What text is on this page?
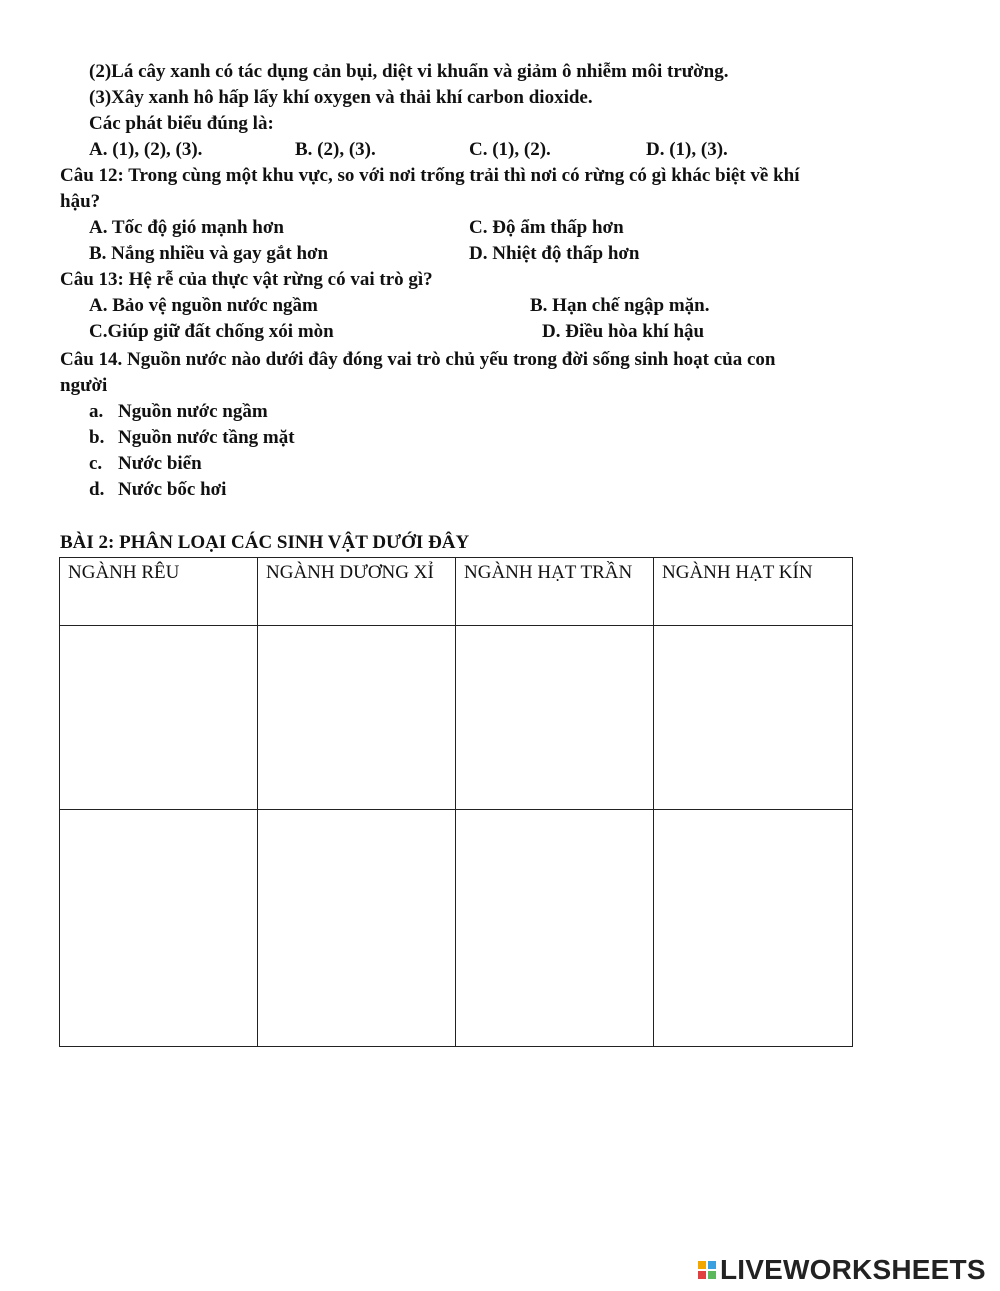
(2)Lá cây xanh có tác dụng cản bụi, diệt vi khuẩn và giảm ô nhiễm môi trường.
(3)Xây xanh hô hấp lấy khí oxygen và thải khí carbon dioxide.
Các phát biểu đúng là:
A. (1), (2), (3).	B. (2), (3).	C. (1), (2).	D. (1), (3).
Câu 12: Trong cùng một khu vực, so với nơi trống trải thì nơi có rừng có gì khác biệt về khí
hậu?
A. Tốc độ gió mạnh hơn	C. Độ ẩm thấp hơn
B. Nắng nhiều và gay gắt hơn	D. Nhiệt độ thấp hơn
Câu 13: Hệ rễ của thực vật rừng có vai trò gì?
A. Bảo vệ nguồn nước ngầm	B. Hạn chế ngập mặn.
C.Giúp giữ đất chống xói mòn	D. Điều hòa khí hậu
Câu 14. Nguồn nước nào dưới đây đóng vai trò chủ yếu trong đời sống sinh hoạt của con
người
a. Nguồn nước ngầm
b. Nguồn nước tầng mặt
c. Nước biển
d. Nước bốc hơi
BÀI 2: PHÂN LOẠI CÁC SINH VẬT DƯỚI ĐÂY
NGÀNH RÊU	NGÀNH DƯƠNG XỈ	NGÀNH HẠT TRẦN	NGÀNH HẠT KÍN

LIVEWORKSHEETS
